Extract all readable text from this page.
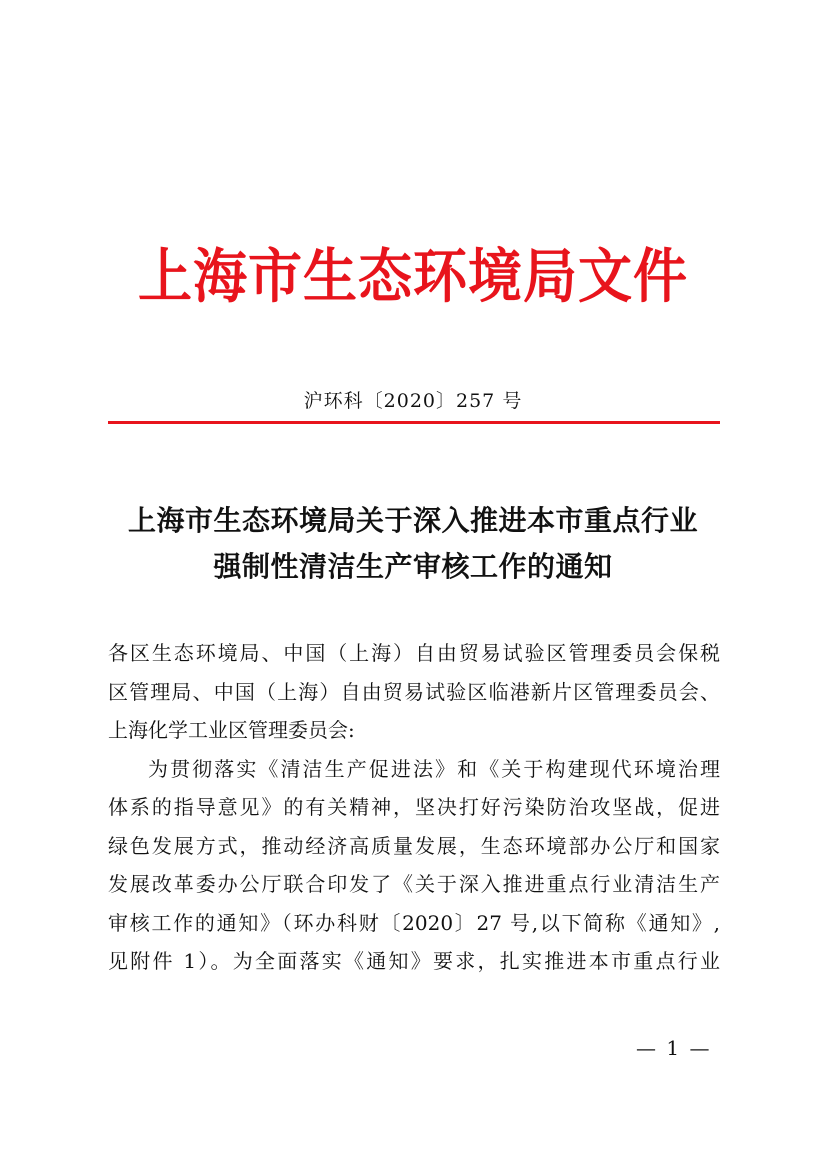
上海市生态环境局文件
沪环科〔2020〕257 号
上海市生态环境局关于深入推进本市重点行业
强制性清洁生产审核工作的通知

各区生态环境局、中国（上海）自由贸易试验区管理委员会保税

区管理局、中国（上海）自由贸易试验区临港新片区管理委员会、

上海化学工业区管理委员会:

为贯彻落实《清洁生产促进法》和《关于构建现代环境治理

体系的指导意见》的有关精神，坚决打好污染防治攻坚战，促进

绿色发展方式，推动经济高质量发展，生态环境部办公厅和国家

发展改革委办公厅联合印发了《关于深入推进重点行业清洁生产

审核工作的通知》（环办科财〔2020〕27 号,以下简称《通知》,

见附件 1）。为全面落实《通知》要求，扎实推进本市重点行业

— 1 —
